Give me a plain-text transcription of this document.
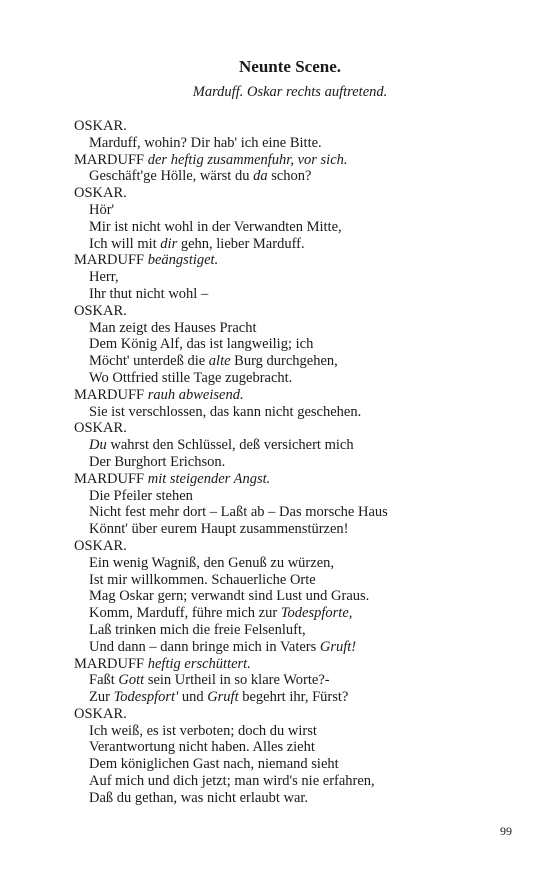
Neunte Scene.
Marduff. Oskar rechts auftretend.
OSKAR.
Marduff, wohin? Dir hab' ich eine Bitte.
MARDUFF der heftig zusammenfuhr, vor sich.
Geschäft'ge Hölle, wärst du da schon?
OSKAR.
Hör'
Mir ist nicht wohl in der Verwandten Mitte,
Ich will mit dir gehn, lieber Marduff.
MARDUFF beängstiget.
Herr,
Ihr thut nicht wohl –
OSKAR.
Man zeigt des Hauses Pracht
Dem König Alf, das ist langweilig; ich
Möcht' unterdeß die alte Burg durchgehen,
Wo Ottfried stille Tage zugebracht.
MARDUFF rauh abweisend.
Sie ist verschlossen, das kann nicht geschehen.
OSKAR.
Du wahrst den Schlüssel, deß versichert mich
Der Burghort Erichson.
MARDUFF mit steigender Angst.
Die Pfeiler stehen
Nicht fest mehr dort – Laßt ab – Das morsche Haus
Könnt' über eurem Haupt zusammenstürzen!
OSKAR.
Ein wenig Wagniß, den Genuß zu würzen,
Ist mir willkommen. Schauerliche Orte
Mag Oskar gern; verwandt sind Lust und Graus.
Komm, Marduff, führe mich zur Todespforte,
Laß trinken mich die freie Felsenluft,
Und dann – dann bringe mich in Vaters Gruft!
MARDUFF heftig erschüttert.
Faßt Gott sein Urtheil in so klare Worte?-
Zur Todespfort' und Gruft begehrt ihr, Fürst?
OSKAR.
Ich weiß, es ist verboten; doch du wirst
Verantwortung nicht haben. Alles zieht
Dem königlichen Gast nach, niemand sieht
Auf mich und dich jetzt; man wird's nie erfahren,
Daß du gethan, was nicht erlaubt war.
99
